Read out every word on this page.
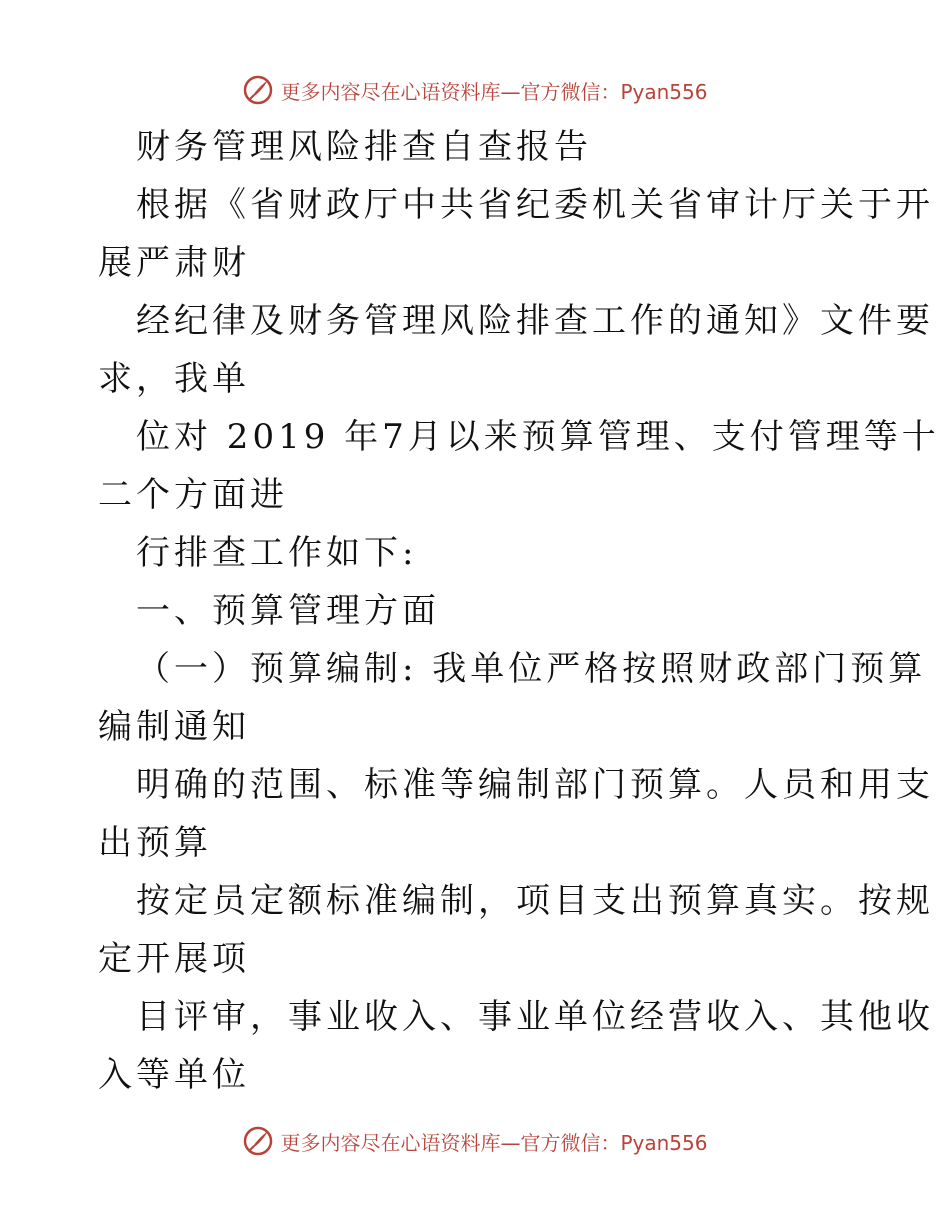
更多内容尽在心语资料库—官方微信：Pyan556
财务管理风险排查自查报告
根据《省财政厅中共省纪委机关省审计厅关于开
展严肃财
经纪律及财务管理风险排查工作的通知》文件要
求，我单
位对 2019 年7月以来预算管理、支付管理等十
二个方面进
行排查工作如下:
一、预算管理方面
（一）预算编制: 我单位严格按照财政部门预算
编制通知
明确的范围、标准等编制部门预算。人员和用支
出预算
按定员定额标准编制，项目支出预算真实。按规
定开展项
目评审，事业收入、事业单位经营收入、其他收
入等单位
更多内容尽在心语资料库—官方微信：Pyan556
